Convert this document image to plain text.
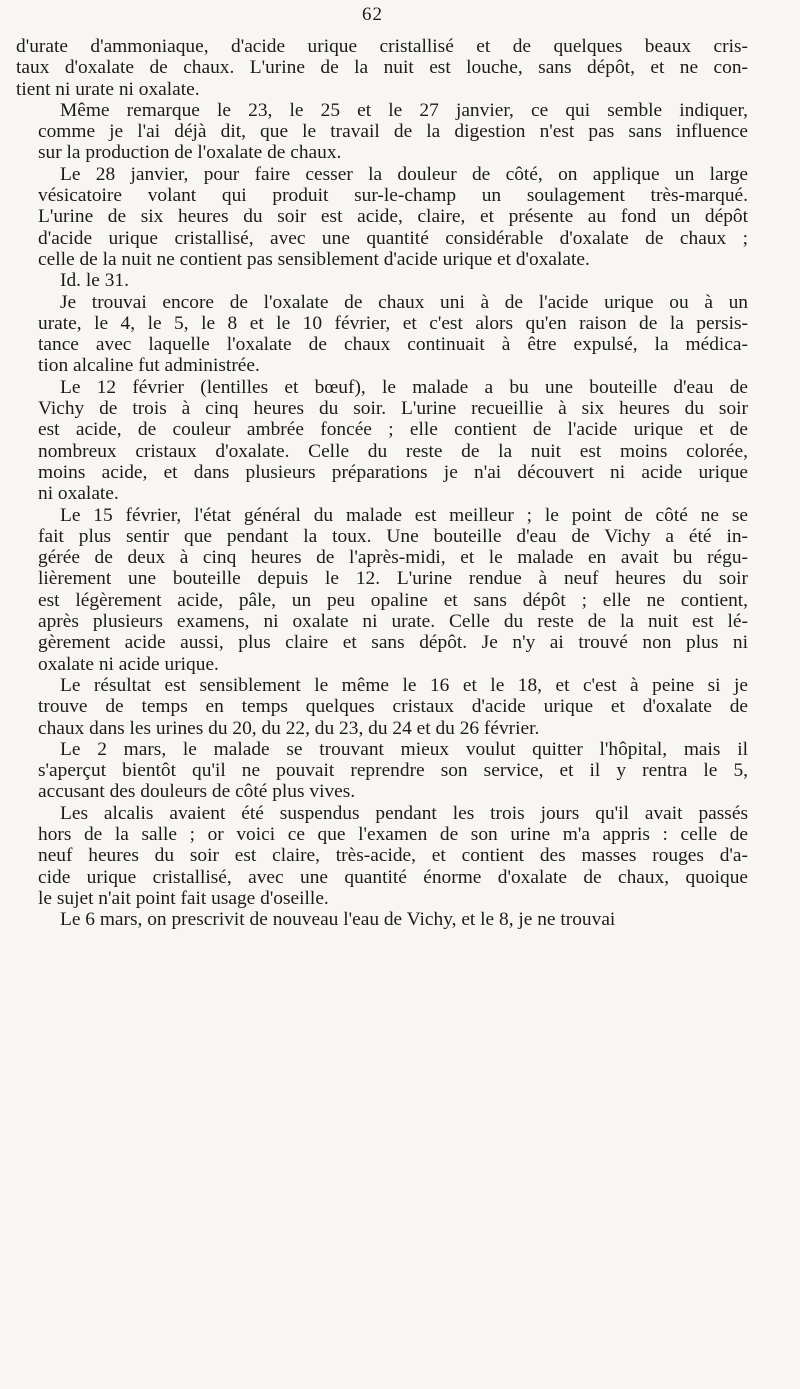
62

d'urate d'ammoniaque, d'acide urique cristallisé et de quelques beaux cris-
taux d'oxalate de chaux. L'urine de la nuit est louche, sans dépôt, et ne con-
tient ni urate ni oxalate.

Même remarque le 23, le 25 et le 27 janvier, ce qui semble indiquer,
comme je l'ai déjà dit, que le travail de la digestion n'est pas sans influence
sur la production de l'oxalate de chaux.

Le 28 janvier, pour faire cesser la douleur de côté, on applique un large
vésicatoire volant qui produit sur-le-champ un soulagement très-marqué.
L'urine de six heures du soir est acide, claire, et présente au fond un dépôt
d'acide urique cristallisé, avec une quantité considérable d'oxalate de chaux ;
celle de la nuit ne contient pas sensiblement d'acide urique et d'oxalate.

Id. le 31.

Je trouvai encore de l'oxalate de chaux uni à de l'acide urique ou à un
urate, le 4, le 5, le 8 et le 10 février, et c'est alors qu'en raison de la persis-
tance avec laquelle l'oxalate de chaux continuait à être expulsé, la médica-
tion alcaline fut administrée.

Le 12 février (lentilles et bœuf), le malade a bu une bouteille d'eau de
Vichy de trois à cinq heures du soir. L'urine recueillie à six heures du soir
est acide, de couleur ambrée foncée ; elle contient de l'acide urique et de
nombreux cristaux d'oxalate. Celle du reste de la nuit est moins colorée,
moins acide, et dans plusieurs préparations je n'ai découvert ni acide urique
ni oxalate.

Le 15 février, l'état général du malade est meilleur ; le point de côté ne se
fait plus sentir que pendant la toux. Une bouteille d'eau de Vichy a été in-
gérée de deux à cinq heures de l'après-midi, et le malade en avait bu régu-
lièrement une bouteille depuis le 12. L'urine rendue à neuf heures du soir
est légèrement acide, pâle, un peu opaline et sans dépôt ; elle ne contient,
après plusieurs examens, ni oxalate ni urate. Celle du reste de la nuit est lé-
gèrement acide aussi, plus claire et sans dépôt. Je n'y ai trouvé non plus ni
oxalate ni acide urique.

Le résultat est sensiblement le même le 16 et le 18, et c'est à peine si je
trouve de temps en temps quelques cristaux d'acide urique et d'oxalate de
chaux dans les urines du 20, du 22, du 23, du 24 et du 26 février.

Le 2 mars, le malade se trouvant mieux voulut quitter l'hôpital, mais il
s'aperçut bientôt qu'il ne pouvait reprendre son service, et il y rentra le 5,
accusant des douleurs de côté plus vives.

Les alcalis avaient été suspendus pendant les trois jours qu'il avait passés
hors de la salle ; or voici ce que l'examen de son urine m'a appris : celle de
neuf heures du soir est claire, très-acide, et contient des masses rouges d'a-
cide urique cristallisé, avec une quantité énorme d'oxalate de chaux, quoique
le sujet n'ait point fait usage d'oseille.

Le 6 mars, on prescrivit de nouveau l'eau de Vichy, et le 8, je ne trouvai
